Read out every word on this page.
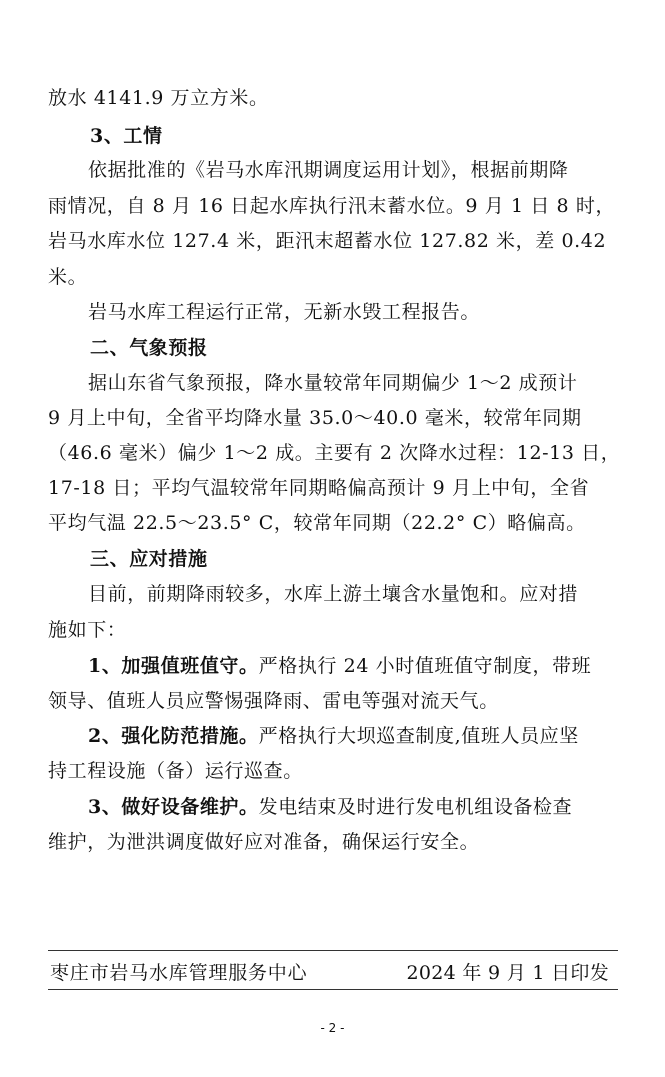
放水 4141.9 万立方米。
3、工情
依据批准的《岩马水库汛期调度运用计划》，根据前期降
雨情况，自 8 月 16 日起水库执行汛末蓄水位。9 月 1 日 8 时，
岩马水库水位 127.4 米，距汛末超蓄水位 127.82 米，差 0.42
米。
岩马水库工程运行正常，无新水毁工程报告。
二、气象预报
据山东省气象预报，降水量较常年同期偏少 1～2 成预计
9 月上中旬，全省平均降水量 35.0～40.0 毫米，较常年同期
（46.6 毫米）偏少 1～2 成。主要有 2 次降水过程：12-13 日，
17-18 日；平均气温较常年同期略偏高预计 9 月上中旬，全省
平均气温 22.5～23.5° C，较常年同期（22.2° C）略偏高。
三、应对措施
目前，前期降雨较多，水库上游土壤含水量饱和。应对措
施如下：
1、加强值班值守。严格执行 24 小时值班值守制度，带班
领导、值班人员应警惕强降雨、雷电等强对流天气。
2、强化防范措施。严格执行大坝巡查制度,值班人员应坚
持工程设施（备）运行巡查。
3、做好设备维护。发电结束及时进行发电机组设备检查
维护，为泄洪调度做好应对准备，确保运行安全。
枣庄市岩马水库管理服务中心	2024 年 9 月 1 日印发
- 2 -
